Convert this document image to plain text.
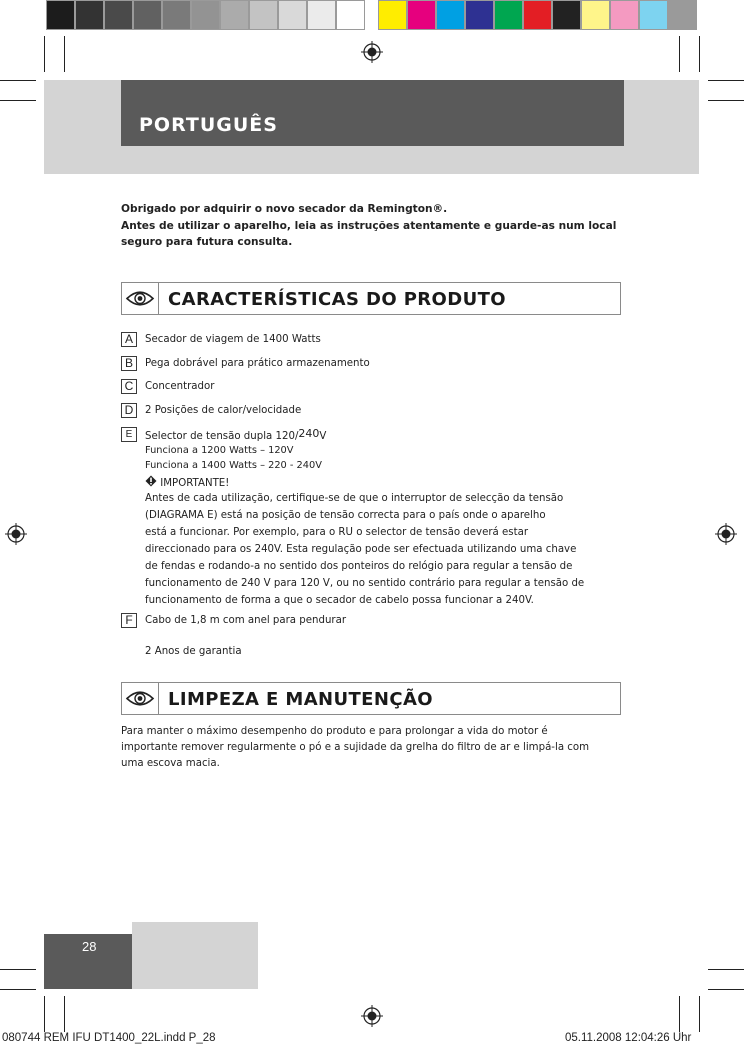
PORTUGUÊS
Obrigado por adquirir o novo secador da Remington®.
Antes de utilizar o aparelho, leia as instruções atentamente e guarde-as num local
seguro para futura consulta.
CARACTERÍSTICAS DO PRODUTO
A	Secador de viagem de 1400 Watts
B	Pega dobrável para prático armazenamento
C	Concentrador
D	2 Posições de calor/velocidade
E	Selector de tensão dupla 120/240V
Funciona a 1200 Watts – 120V
Funciona a 1400 Watts – 220 - 240V
IMPORTANTE!
Antes de cada utilização, certifique-se de que o interruptor de selecção da tensão
(DIAGRAMA E) está na posição de tensão correcta para o país onde o aparelho
está a funcionar. Por exemplo, para o RU o selector de tensão deverá estar
direccionado para os 240V. Esta regulação pode ser efectuada utilizando uma chave
de fendas e rodando-a no sentido dos ponteiros do relógio para regular a tensão de
funcionamento de 240 V para 120 V, ou no sentido contrário para regular a tensão de
funcionamento de forma a que o secador de cabelo possa funcionar a 240V.
F	Cabo de 1,8 m com anel para pendurar
2 Anos de garantia
LIMPEZA E MANUTENÇÃO
Para manter o máximo desempenho do produto e para prolongar a vida do motor é
importante remover regularmente o pó e a sujidade da grelha do filtro de ar e limpá-la com
uma escova macia.
28
080744 REM IFU DT1400_22L.indd P_28	05.11.2008 12:04:26 Uhr
